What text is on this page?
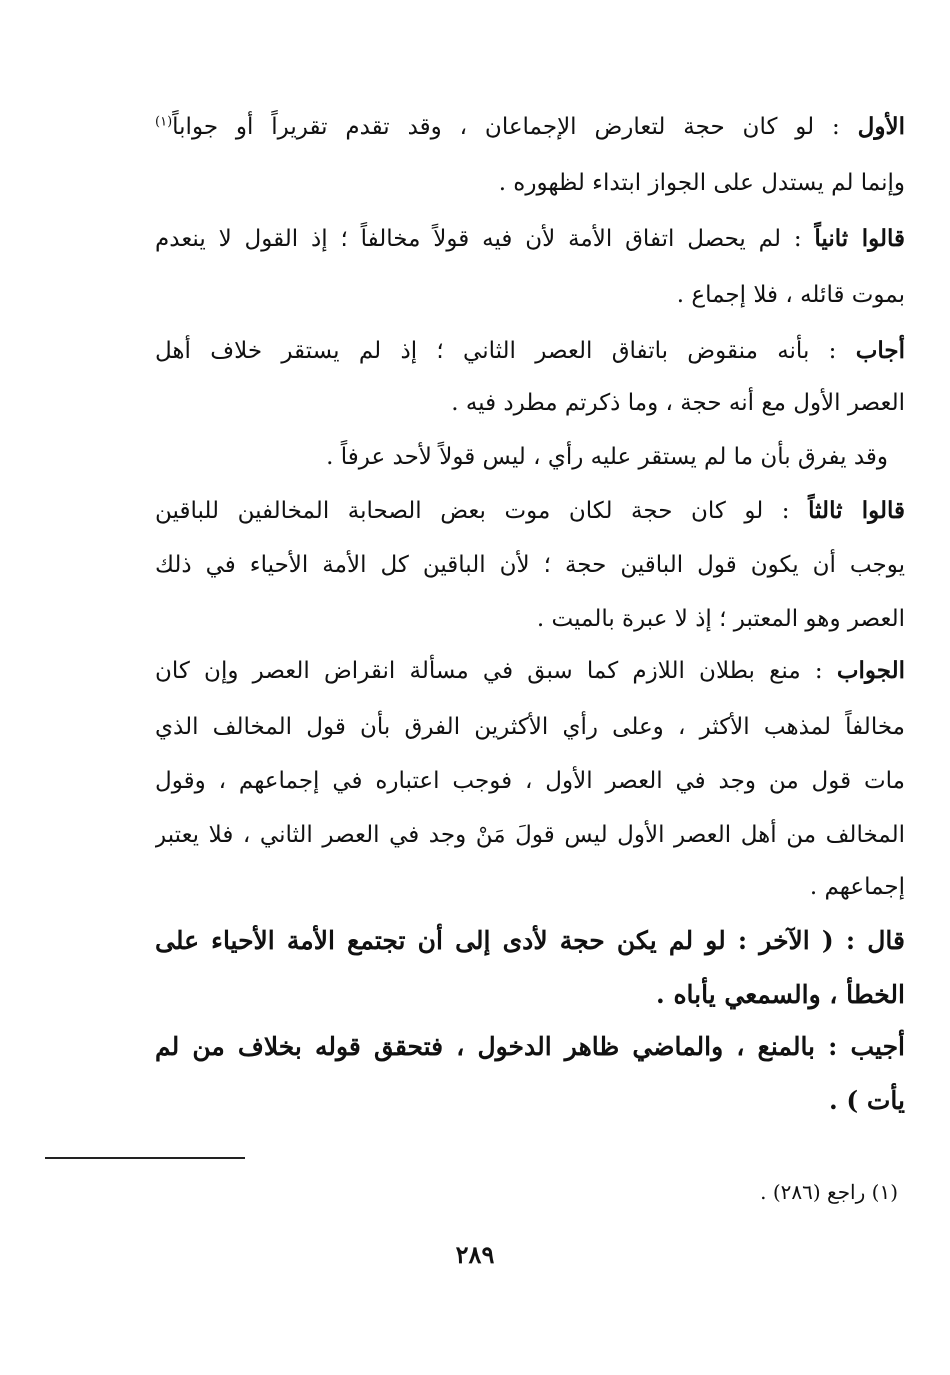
الأول : لو كان حجة لتعارض الإجماعان ، وقد تقدم تقريراً أو جواباً$^{(١)}$
وإنما لم يستدل على الجواز ابتداء لظهوره .
قالوا ثانياً : لم يحصل اتفاق الأمة لأن فيه قولاً مخالفاً ؛ إذ القول لا ينعدم
بموت قائله ، فلا إجماع .
أجاب : بأنه منقوض باتفاق العصر الثاني ؛ إذ لم يستقر خلاف أهل
العصر الأول مع أنه حجة ، وما ذكرتم مطرد فيه .
وقد يفرق بأن ما لم يستقر عليه رأي ، ليس قولاً لأحد عرفاً .
قالوا ثالثاً : لو كان حجة لكان موت بعض الصحابة المخالفين للباقين
يوجب أن يكون قول الباقين حجة ؛ لأن الباقين كل الأمة الأحياء في ذلك
العصر وهو المعتبر ؛ إذ لا عبرة بالميت .
الجواب : منع بطلان اللازم كما سبق في مسألة انقراض العصر وإن كان
مخالفاً لمذهب الأكثر ، وعلى رأي الأكثرين الفرق بأن قول المخالف الذي
مات قول من وجد في العصر الأول ، فوجب اعتباره في إجماعهم ، وقول
المخالف من أهل العصر الأول ليس قولَ مَنْ وجد في العصر الثاني ، فلا يعتبر
إجماعهم .
قال : ( الآخر : لو لم يكن حجة لأدى إلى أن تجتمع الأمة الأحياء على
الخطأ ، والسمعي يأباه .
أجيب : بالمنع ، والماضي ظاهر الدخول ، فتحقق قوله بخلاف من لم
يأت ) .
(١) راجع (٢٨٦) .
٢٨٩
